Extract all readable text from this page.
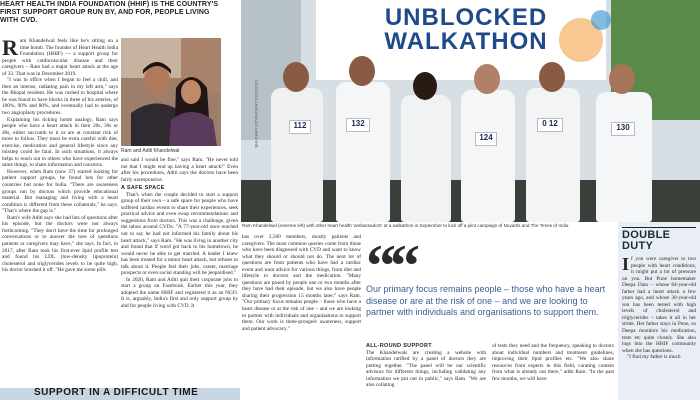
HEART HEALTH INDIA FOUNDATION (HHIF) IS THE COUNTRY'S
FIRST SUPPORT GROUP RUN BY, AND FOR, PEOPLE LIVING
WITH CVD.
R am Khandelwal feels like he's sitting on a time bomb. The founder of Heart Health India Foundation (HHIF) — a support group for people with cardiovascular disease and their caregivers – Ram had a major heart attack at the age of 33. That was in December 2019.

"I was in office when I began to feel a chill, and then an intense, radiating pain in my left arm," says the Bhopal resident. He was rushed to hospital where he was found to have blocks in three of his arteries, of 100%, 90% and 80%, and eventually had to undergo two angioplasty procedures.

Explaining his ticking bomb analogy, Ram says people who have a heart attack in their 20s, 30s or 40s, either succumb to it or are at constant risk of more to follow. They must be extra careful with diet, exercise, medication and general lifestyle since any misstep could be fatal. In such situations, it always helps to reach out to others who have experienced the same things, to share information and concerns.

However, when Ram (now 37) started looking for patient support groups, he found lots for other countries but none for India. "There are awareness groups run by doctors which provide educational material. But managing and living with a heart condition is different from these collaterals," he says. "That's where the gap is."

Ram's wife Aditi says she had lots of questions after his episode, but the doctors were not always forthcoming. "They don't have the time for prolonged conversations or to answer the toes of questions patients or caregivers may have," she says. In fact, in 2017, after Ram took his first-ever lipid profile test and found his LDL (low-density lipoprotein) cholesterol and triglycerides levels to be quite high, his doctor brushed it off. "He gave me some pills

Ram and Aditi Khandelwal
and said I would be fine," says Ram. "He never told me that I might end up having a heart attack!" Even after his procedures, Aditi says the doctors have been fairly unresponsive.
A SAFE SPACE

That's when the couple decided to start a support group of their own – a safe space for people who have suffered cardiac events to share their experiences, seek practical advice and even swap recommendations and suggestions from doctors. This was a challenge, given the taboo around CVDs. "A 77-year-old once reached out to say he had not informed his family about his heart attack," says Ram. "He was living in another city and found that if word got back to his hometown, he would never be able to get married. A leader I knew has been treated for a minor heart attack, but refuses to talk about it. People feel their jobs, career, marriage prospects or even social standing will be jeopardised."

In 2020, Ram and Aditi quit their corporate jobs to start a group on Facebook. Earlier this year, they adopted the name HHIF and registered it as an NGO. It is, arguably, India's first and only support group by and for people living with CVD. It

SUPPORT IN A DIFFICULT TIME
UNBLOCKED
WALKATHON
112	132
124
0 12	130
BHUSHAN KOYANDE/HT/21/01/2023
Ram Khandelwal (extreme left) with other heart health 'ambassadors' at a walkathon in September to kick off a joint campaign of Novartis and The Times of India
has over 2,500 members, mostly patients and caregivers. The most common queries come from those who have been diagnosed with CVD and want to know what they should or should not do. The next lot of questions are from patients who have had a cardiac event and want advice for various things, from diet and lifestyle to doctors and the medication. "Many questions are posed by people one or two months after they have had their episode, but we also have people sharing their progression 15 months later," says Ram. "Our primary focus remains people – those who have a heart disease or at the risk of one – and we are looking to partner with individuals and organisations to support them. Our work is three-pronged: awareness, support and patient advocacy."
““
Our primary focus remains people – those who have a heart disease or are at the risk of one – and we are looking to partner with individuals and organisations to support them.
ALL-ROUND SUPPORT
The Khandelwals are creating a website with information ratified by a panel of doctors they are putting together. "The panel will be our scientific advisors for different things, including validating any information we put out in public," says Ram. "We are also collating
of tests they need and the frequency, speaking to doctors about individual numbers and treatment guidelines, improving their lipid profiles etc. "We also share resources from experts in this field, curating content from what is already out there," adds Ram. "In the past few months, we will have
DOUBLE
DUTY
I f you were caregiver to two people with heart conditions, it might put a lot of pressure on you. But Pune homemaker Deepa Dass – whose 84-year-old father had a heart attack a few years ago, and whose 30-year-old son has been tested with high levels of cholesterol and triglycerides – takes it all in her stride. Her father stays in Pune, so Deepa monitors his medication, tests etc quite closely. She also logs into the HHIF community when she has questions.

"I find my father is much
